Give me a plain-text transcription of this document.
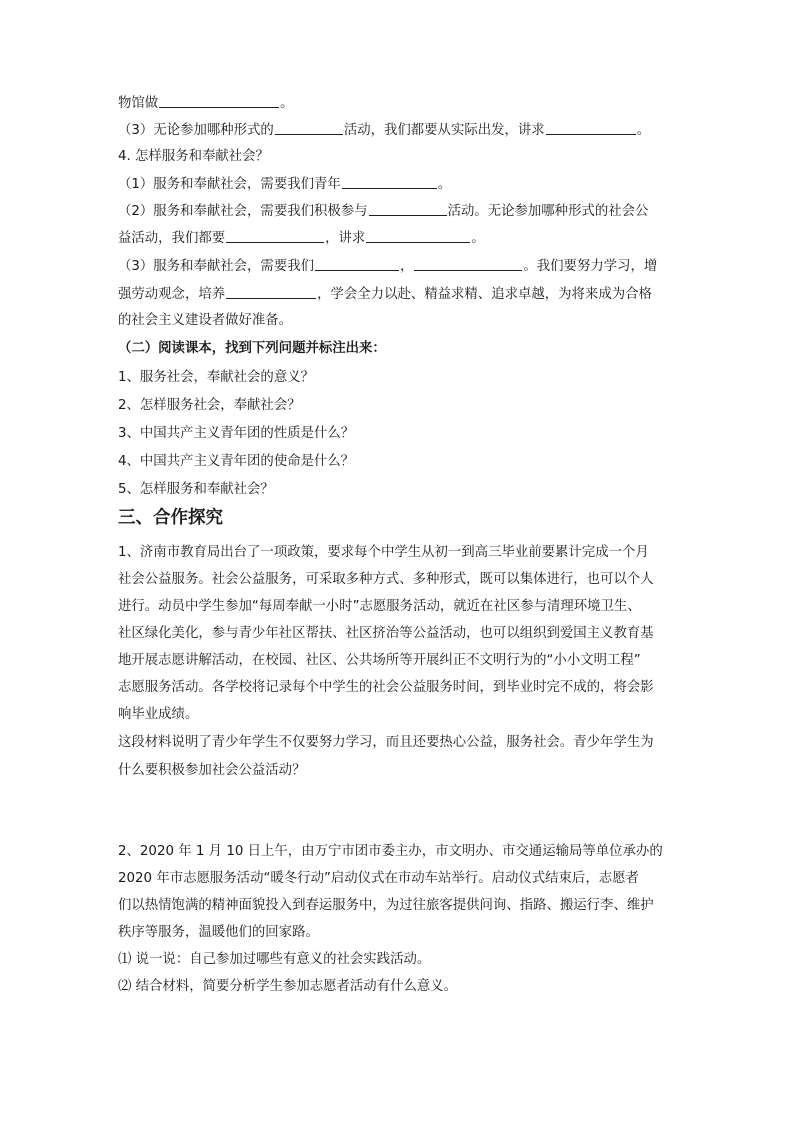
物馆做	。
（3）无论参加哪种形式的	活动，我们都要从实际出发，讲求	。
4. 怎样服务和奉献社会？
（1）服务和奉献社会，需要我们青年	。
（2）服务和奉献社会，需要我们积极参与	活动。无论参加哪种形式的社会公
益活动，我们都要	，讲求	。
（3）服务和奉献社会，需要我们	，	。我们要努力学习，增
强劳动观念，培养	，学会全力以赴、精益求精、追求卓越，为将来成为合格
的社会主义建设者做好准备。
（二）阅读课本，找到下列问题并标注出来：
1、服务社会，奉献社会的意义？
2、怎样服务社会，奉献社会？
3、中国共产主义青年团的性质是什么？
4、中国共产主义青年团的使命是什么？
5、怎样服务和奉献社会？
三、合作探究
1、济南市教育局出台了一项政策，要求每个中学生从初一到高三毕业前要累计完成一个月
社会公益服务。社会公益服务，可采取多种方式、多种形式，既可以集体进行，也可以个人
进行。动员中学生参加“每周奉献一小时”志愿服务活动，就近在社区参与清理环境卫生、
社区绿化美化，参与青少年社区帮扶、社区挤治等公益活动，也可以组织到爱国主义教育基
地开展志愿讲解活动，在校园、社区、公共场所等开展纠正不文明行为的“小小文明工程”
志愿服务活动。各学校将记录每个中学生的社会公益服务时间，到毕业时完不成的，将会影
响毕业成绩。
这段材料说明了青少年学生不仅要努力学习，而且还要热心公益，服务社会。青少年学生为
什么要积极参加社会公益活动？
2、2020 年 1 月 10 日上午，由万宁市团市委主办，市文明办、市交通运输局等单位承办的
2020 年市志愿服务活动“暖冬行动”启动仪式在市动车站举行。启动仪式结束后，志愿者
们以热情饱满的精神面貌投入到春运服务中，为过往旅客提供问询、指路、搬运行李、维护
秩序等服务，温暖他们的回家路。
⑴ 说一说：自己参加过哪些有意义的社会实践活动。
⑵ 结合材料，简要分析学生参加志愿者活动有什么意义。
